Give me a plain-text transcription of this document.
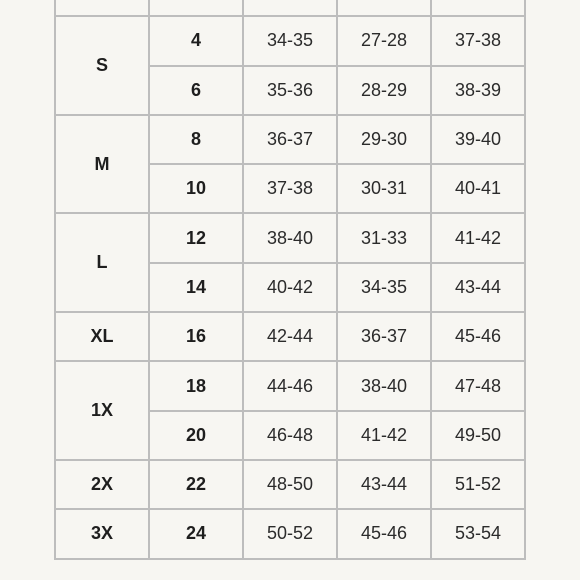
S	4	34-35	27-28	37-38
	6	35-36	28-29	38-39
M	8	36-37	29-30	39-40
	10	37-38	30-31	40-41
L	12	38-40	31-33	41-42
	14	40-42	34-35	43-44
XL	16	42-44	36-37	45-46
1X	18	44-46	38-40	47-48
	20	46-48	41-42	49-50
2X	22	48-50	43-44	51-52
3X	24	50-52	45-46	53-54
